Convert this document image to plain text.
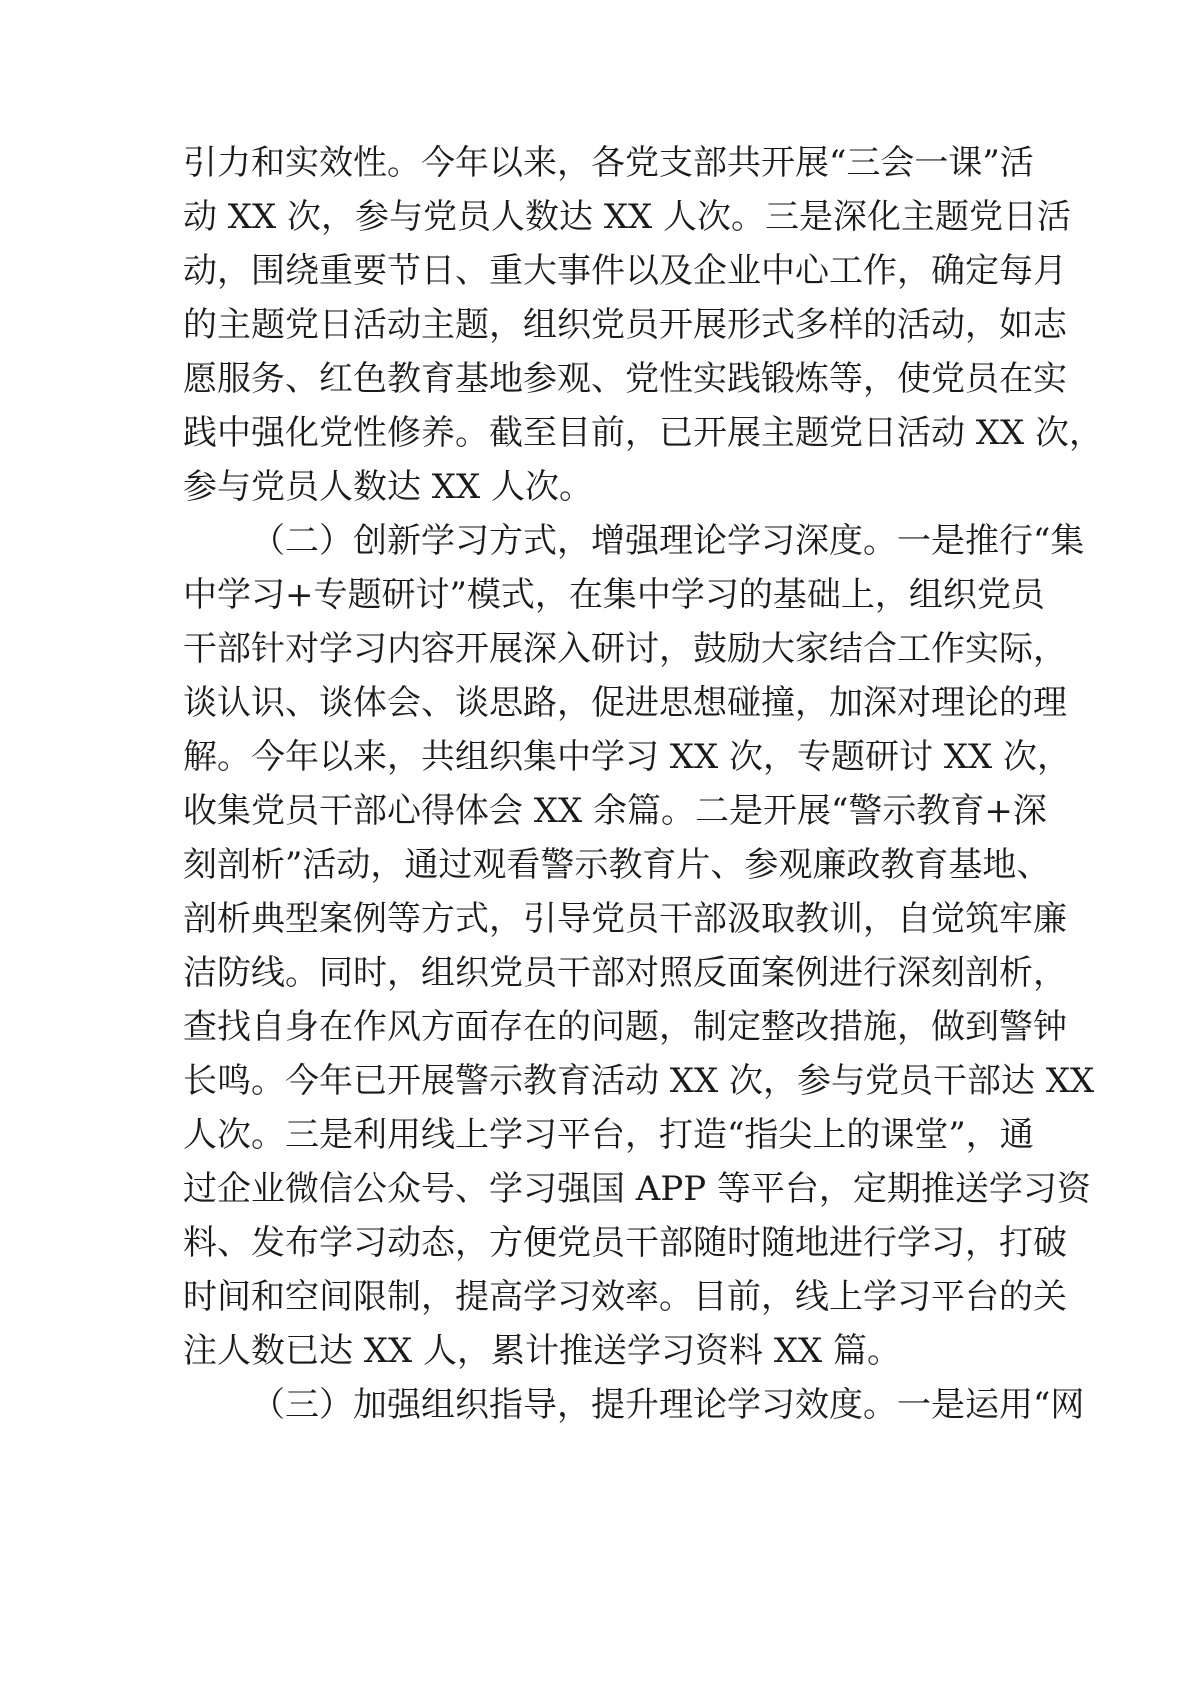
引力和实效性。今年以来，各党支部共开展“三会一课”活
动 XX 次，参与党员人数达 XX 人次。三是深化主题党日活
动，围绕重要节日、重大事件以及企业中心工作，确定每月
的主题党日活动主题，组织党员开展形式多样的活动，如志
愿服务、红色教育基地参观、党性实践锻炼等，使党员在实
践中强化党性修养。截至目前，已开展主题党日活动 XX 次，
参与党员人数达 XX 人次。
（二）创新学习方式，增强理论学习深度。一是推行“集
中学习+专题研讨”模式，在集中学习的基础上，组织党员
干部针对学习内容开展深入研讨，鼓励大家结合工作实际，
谈认识、谈体会、谈思路，促进思想碰撞，加深对理论的理
解。今年以来，共组织集中学习 XX 次，专题研讨 XX 次，
收集党员干部心得体会 XX 余篇。二是开展“警示教育+深
刻剖析”活动，通过观看警示教育片、参观廉政教育基地、
剖析典型案例等方式，引导党员干部汲取教训，自觉筑牢廉
洁防线。同时，组织党员干部对照反面案例进行深刻剖析，
查找自身在作风方面存在的问题，制定整改措施，做到警钟
长鸣。今年已开展警示教育活动 XX 次，参与党员干部达 XX
人次。三是利用线上学习平台，打造“指尖上的课堂”，通
过企业微信公众号、学习强国 APP 等平台，定期推送学习资
料、发布学习动态，方便党员干部随时随地进行学习，打破
时间和空间限制，提高学习效率。目前，线上学习平台的关
注人数已达 XX 人，累计推送学习资料 XX 篇。
（三）加强组织指导，提升理论学习效度。一是运用“网
